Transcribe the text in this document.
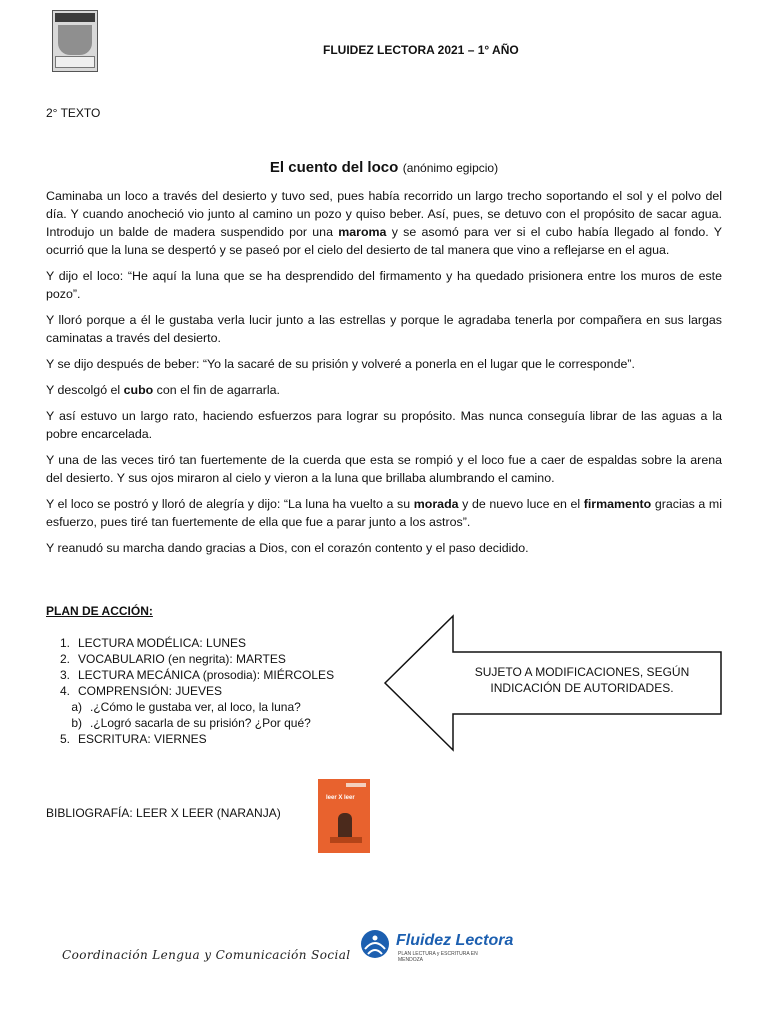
FLUIDEZ LECTORA 2021 – 1° AÑO
2° TEXTO
El cuento del loco (anónimo egipcio)

Caminaba un loco a través del desierto y tuvo sed, pues había recorrido un largo trecho soportando el sol y el polvo del día. Y cuando anocheció vio junto al camino un pozo y quiso beber. Así, pues, se detuvo con el propósito de sacar agua. Introdujo un balde de madera suspendido por una maroma y se asomó para ver si el cubo había llegado al fondo. Y ocurrió que la luna se despertó y se paseó por el cielo del desierto de tal manera que vino a reflejarse en el agua.

Y dijo el loco: “He aquí la luna que se ha desprendido del firmamento y ha quedado prisionera entre los muros de este pozo”.

Y lloró porque a él le gustaba verla lucir junto a las estrellas y porque le agradaba tenerla por compañera en sus largas caminatas a través del desierto.

Y se dijo después de beber: “Yo la sacaré de su prisión y volveré a ponerla en el lugar que le corresponde”.

Y descolgó el cubo con el fin de agarrarla.

Y así estuvo un largo rato, haciendo esfuerzos para lograr su propósito. Mas nunca conseguía librar de las aguas a la pobre encarcelada.

Y una de las veces tiró tan fuertemente de la cuerda que esta se rompió y el loco fue a caer de espaldas sobre la arena del desierto. Y sus ojos miraron al cielo y vieron a la luna que brillaba alumbrando el camino.

Y el loco se postró y lloró de alegría y dijo: “La luna ha vuelto a su morada y de nuevo luce en el firmamento gracias a mi esfuerzo, pues tiré tan fuertemente de ella que fue a parar junto a los astros”.

Y reanudó su marcha dando gracias a Dios, con el corazón contento y el paso decidido.

PLAN DE ACCIÓN:
1. LECTURA MODÉLICA: LUNES
2. VOCABULARIO (en negrita): MARTES
3. LECTURA MECÁNICA (prosodia): MIÉRCOLES
4. COMPRENSIÓN: JUEVES
a) .¿Cómo le gustaba ver, al loco, la luna?
b) .¿Logró sacarla de su prisión? ¿Por qué?
5. ESCRITURA: VIERNES
SUJETO A MODIFICACIONES, SEGÚN
INDICACIÓN DE AUTORIDADES.
BIBLIOGRAFÍA: LEER X LEER (NARANJA)
leer X leer
Coordinación Lengua y Comunicación Social
Fluidez Lectora
PLAN LECTURA y ESCRITURA EN MENDOZA
